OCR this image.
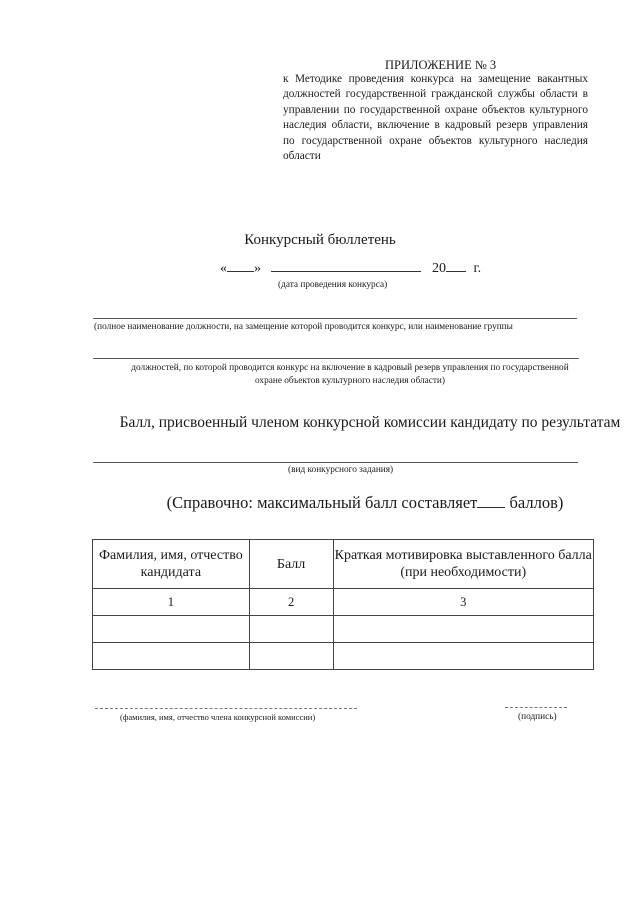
ПРИЛОЖЕНИЕ № 3
к Методике проведения конкурса на замещение вакантных должностей государственной гражданской службы области в управлении по государственной охране объектов культурного наследия области, включение в кадровый резерв управления по государственной охране объектов культурного наследия области
Конкурсный бюллетень
« »	20 г.
(дата проведения конкурса)
(полное наименование должности, на замещение которой проводится конкурс, или наименование группы
должностей, по которой проводится конкурс на включение в кадровый резерв управления по государственной охране объектов культурного наследия области)
Балл, присвоенный членом конкурсной комиссии кандидату по результатам
(вид конкурсного задания)
(Справочно: максимальный балл составляет баллов)
Фамилия, имя, отчество кандидата	Балл	Краткая мотивировка выставленного балла (при необходимости)
1	2	3

(фамилия, имя, отчество члена конкурсной комиссии)	(подпись)
